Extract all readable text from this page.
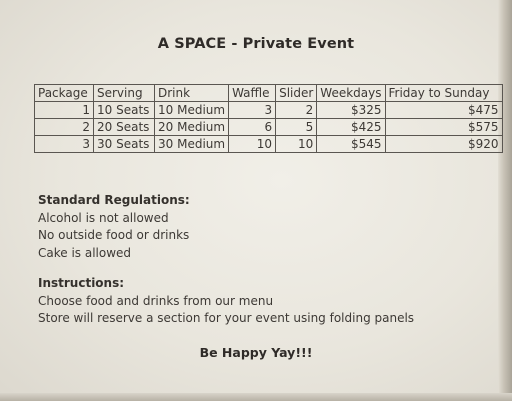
A SPACE - Private Event
Package	Serving	Drink	Waffle	Slider	Weekdays	Friday to Sunday
1	10 Seats	10 Medium	3	2	$325	$475
2	20 Seats	20 Medium	6	5	$425	$575
3	30 Seats	30 Medium	10	10	$545	$920
Standard Regulations:
Alcohol is not allowed
No outside food or drinks
Cake is allowed
Instructions:
Choose food and drinks from our menu
Store will reserve a section for your event using folding panels
Be Happy Yay!!!
